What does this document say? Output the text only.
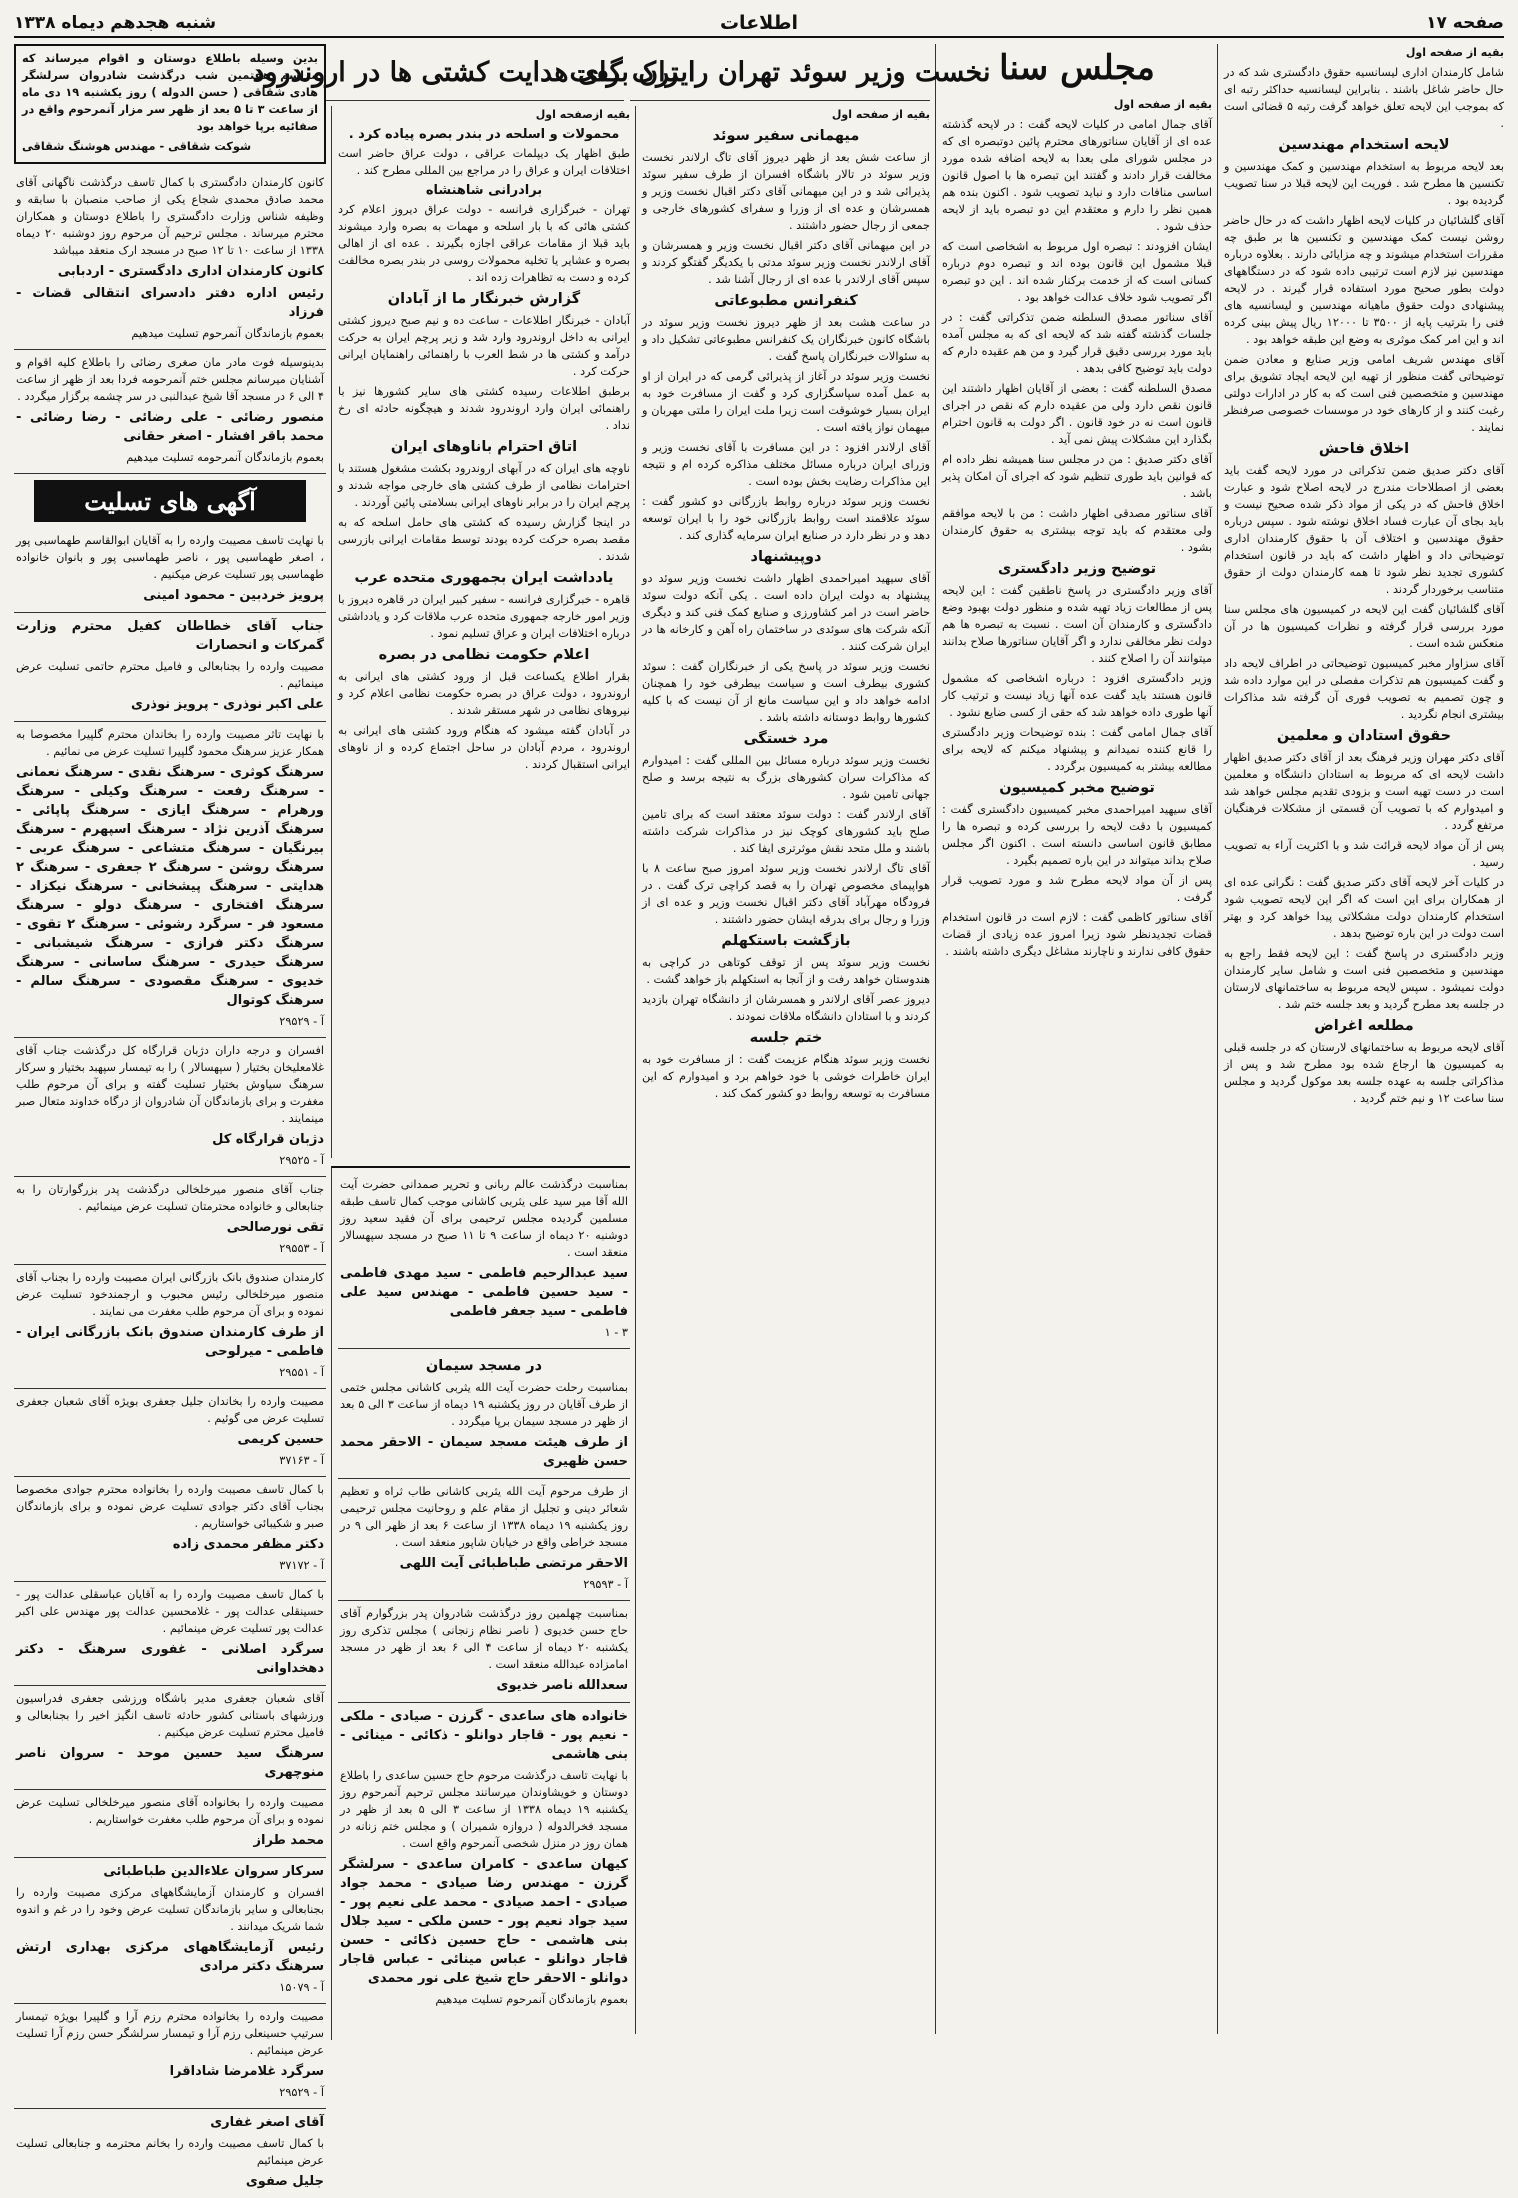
صفحه ۱۷
اطلاعات
شنبه هجدهم دیماه ۱۳۳۸

بقیه از صفحه اول

شامل کارمندان اداری لیسانسیه حقوق دادگستری شد که در حال حاضر شاغل باشند . بنابراین لیسانسیه حداکثر رتبه ای که بموجب این لایحه تعلق خواهد گرفت رتبه ۵ قضائی است .

لایحه استخدام مهندسین

بعد لایحه مربوط به استخدام مهندسین و کمک مهندسین و تکنسین ها مطرح شد . فوریت این لایحه قبلا در سنا تصویب گردیده بود .

آقای گلشائیان در کلیات لایحه اظهار داشت که در حال حاضر روشن نیست کمک مهندسین و تکنسین ها بر طبق چه مقررات استخدام میشوند و چه مزایائی دارند . بعلاوه درباره مهندسین نیز لازم است ترتیبی داده شود که در دستگاههای دولت بطور صحیح مورد استفاده قرار گیرند . در لایحه پیشنهادی دولت حقوق ماهیانه مهندسین و لیسانسیه های فنی را بترتیب پایه از ۳۵۰۰ تا ۱۲۰۰۰ ریال پیش بینی کرده اند و این امر کمک موثری به وضع این طبقه خواهد بود .

آقای مهندس شریف امامی وزیر صنایع و معادن ضمن توضیحاتی گفت منظور از تهیه این لایحه ایجاد تشویق برای مهندسین و متخصصین فنی است که به کار در ادارات دولتی رغبت کنند و از کارهای خود در موسسات خصوصی صرفنظر نمایند .

اخلاق فاحش

آقای دکتر صدیق ضمن تذکراتی در مورد لایحه گفت باید بعضی از اصطلاحات مندرج در لایحه اصلاح شود و عبارت اخلاق فاحش که در یکی از مواد ذکر شده صحیح نیست و باید بجای آن عبارت فساد اخلاق نوشته شود . سپس درباره حقوق مهندسین و اختلاف آن با حقوق کارمندان اداری توضیحاتی داد و اظهار داشت که باید در قانون استخدام کشوری تجدید نظر شود تا همه کارمندان دولت از حقوق متناسب برخوردار گردند .

آقای گلشائیان گفت این لایحه در کمیسیون های مجلس سنا مورد بررسی قرار گرفته و نظرات کمیسیون ها در آن منعکس شده است .

آقای سزاوار مخبر کمیسیون توضیحاتی در اطراف لایحه داد و گفت کمیسیون هم تذکرات مفصلی در این موارد داده شد و چون تصمیم به تصویب فوری آن گرفته شد مذاکرات بیشتری انجام نگردید .

حقوق استادان و معلمین

آقای دکتر مهران وزیر فرهنگ بعد از آقای دکتر صدیق اظهار داشت لایحه ای که مربوط به استادان دانشگاه و معلمین است در دست تهیه است و بزودی تقدیم مجلس خواهد شد و امیدوارم که با تصویب آن قسمتی از مشکلات فرهنگیان مرتفع گردد .

پس از آن مواد لایحه قرائت شد و با اکثریت آراء به تصویب رسید .

در کلیات آخر لایحه آقای دکتر صدیق گفت : نگرانی عده ای از همکاران برای این است که اگر این لایحه تصویب شود استخدام کارمندان دولت مشکلاتی پیدا خواهد کرد و بهتر است دولت در این باره توضیح بدهد .

وزیر دادگستری در پاسخ گفت : این لایحه فقط راجع به مهندسین و متخصصین فنی است و شامل سایر کارمندان دولت نمیشود . سپس لایحه مربوط به ساختمانهای لارستان در جلسه بعد مطرح گردید و بعد جلسه ختم شد .

مطلعه اغراض

آقای لایحه مربوط به ساختمانهای لارستان که در جلسه قبلی به کمیسیون ها ارجاع شده بود مطرح شد و پس از مذاکراتی جلسه به عهده جلسه بعد موکول گردید و مجلس سنا ساعت ۱۲ و نیم ختم گردید .

مجلس سنا

بقیه از صفحه اول

آقای جمال امامی در کلیات لایحه گفت : در لایحه گذشته عده ای از آقایان سناتورهای محترم پائین دوتبصره ای که در مجلس شورای ملی بعدا به لایحه اضافه شده مورد مخالفت قرار دادند و گفتند این تبصره ها با اصول قانون اساسی منافات دارد و نباید تصویب شود . اکنون بنده هم همین نظر را دارم و معتقدم این دو تبصره باید از لایحه حذف شود .

ایشان افزودند : تبصره اول مربوط به اشخاصی است که قبلا مشمول این قانون بوده اند و تبصره دوم درباره کسانی است که از خدمت برکنار شده اند . این دو تبصره اگر تصویب شود خلاف عدالت خواهد بود .

آقای سناتور مصدق السلطنه ضمن تذکراتی گفت : در جلسات گذشته گفته شد که لایحه ای که به مجلس آمده باید مورد بررسی دقیق قرار گیرد و من هم عقیده دارم که دولت باید توضیح کافی بدهد .

مصدق السلطنه گفت : بعضی از آقایان اظهار داشتند این قانون نقص دارد ولی من عقیده دارم که نقص در اجرای قانون است نه در خود قانون . اگر دولت به قانون احترام بگذارد این مشکلات پیش نمی آید .

آقای دکتر صدیق : من در مجلس سنا همیشه نظر داده ام که قوانین باید طوری تنظیم شود که اجرای آن امکان پذیر باشد .

آقای سناتور مصدقی اظهار داشت : من با لایحه موافقم ولی معتقدم که باید توجه بیشتری به حقوق کارمندان بشود .

توضیح وزیر دادگستری

آقای وزیر دادگستری در پاسخ ناطقین گفت : این لایحه پس از مطالعات زیاد تهیه شده و منظور دولت بهبود وضع دادگستری و کارمندان آن است . نسبت به تبصره ها هم دولت نظر مخالفی ندارد و اگر آقایان سناتورها صلاح بدانند میتوانند آن را اصلاح کنند .

وزیر دادگستری افزود : درباره اشخاصی که مشمول قانون هستند باید گفت عده آنها زیاد نیست و ترتیب کار آنها طوری داده خواهد شد که حقی از کسی ضایع نشود .

آقای جمال امامی گفت : بنده توضیحات وزیر دادگستری را قانع کننده نمیدانم و پیشنهاد میکنم که لایحه برای مطالعه بیشتر به کمیسیون برگردد .

توضیح مخبر کمیسیون

آقای سیهید امیراحمدی مخبر کمیسیون دادگستری گفت : کمیسیون با دقت لایحه را بررسی کرده و تبصره ها را مطابق قانون اساسی دانسته است . اکنون اگر مجلس صلاح بداند میتواند در این باره تصمیم بگیرد .

پس از آن مواد لایحه مطرح شد و مورد تصویب قرار گرفت .

آقای سناتور کاظمی گفت : لازم است در قانون استخدام قضات تجدیدنظر شود زیرا امروز عده زیادی از قضات حقوق کافی ندارند و ناچارند مشاغل دیگری داشته باشند .

نخست وزیر سوئد تهران را ترک گفت

بقیه از صفحه اول

میهمانی سفیر سوئد

از ساعت شش بعد از ظهر دیروز آقای تاگ ارلاندر نخست وزیر سوئد در تالار باشگاه افسران از طرف سفیر سوئد پذیرائی شد و در این میهمانی آقای دکتر اقبال نخست وزیر و همسرشان و عده ای از وزرا و سفرای کشورهای خارجی و جمعی از رجال حضور داشتند .

در این میهمانی آقای دکتر اقبال نخست وزیر و همسرشان و آقای ارلاندر نخست وزیر سوئد مدتی با یکدیگر گفتگو کردند و سپس آقای ارلاندر با عده ای از رجال آشنا شد .

کنفرانس مطبوعاتی

در ساعت هشت بعد از ظهر دیروز نخست وزیر سوئد در باشگاه کانون خبرنگاران یک کنفرانس مطبوعاتی تشکیل داد و به سئوالات خبرنگاران پاسخ گفت .

نخست وزیر سوئد در آغاز از پذیرائی گرمی که در ایران از او به عمل آمده سپاسگزاری کرد و گفت از مسافرت خود به ایران بسیار خوشوقت است زیرا ملت ایران را ملتی مهربان و میهمان نواز یافته است .

آقای ارلاندر افزود : در این مسافرت با آقای نخست وزیر و وزرای ایران درباره مسائل مختلف مذاکره کرده ام و نتیجه این مذاکرات رضایت بخش بوده است .

نخست وزیر سوئد درباره روابط بازرگانی دو کشور گفت : سوئد علاقمند است روابط بازرگانی خود را با ایران توسعه دهد و در نظر دارد در صنایع ایران سرمایه گذاری کند .

دوپیشنهاد

آقای سیهید امیراحمدی اظهار داشت نخست وزیر سوئد دو پیشنهاد به دولت ایران داده است . یکی آنکه دولت سوئد حاضر است در امر کشاورزی و صنایع کمک فنی کند و دیگری آنکه شرکت های سوئدی در ساختمان راه آهن و کارخانه ها در ایران شرکت کنند .

نخست وزیر سوئد در پاسخ یکی از خبرنگاران گفت : سوئد کشوری بیطرف است و سیاست بیطرفی خود را همچنان ادامه خواهد داد و این سیاست مانع از آن نیست که با کلیه کشورها روابط دوستانه داشته باشد .

مرد خستگی

نخست وزیر سوئد درباره مسائل بین المللی گفت : امیدوارم که مذاکرات سران کشورهای بزرگ به نتیجه برسد و صلح جهانی تامین شود .

آقای ارلاندر گفت : دولت سوئد معتقد است که برای تامین صلح باید کشورهای کوچک نیز در مذاکرات شرکت داشته باشند و ملل متحد نقش موثرتری ایفا کند .

آقای تاگ ارلاندر نخست وزیر سوئد امروز صبح ساعت ۸ با هواپیمای مخصوص تهران را به قصد کراچی ترک گفت . در فرودگاه مهرآباد آقای دکتر اقبال نخست وزیر و عده ای از وزرا و رجال برای بدرقه ایشان حضور داشتند .

بازگشت باستکهلم

نخست وزیر سوئد پس از توقف کوتاهی در کراچی به هندوستان خواهد رفت و از آنجا به استکهلم باز خواهد گشت .

دیروز عصر آقای ارلاندر و همسرشان از دانشگاه تهران بازدید کردند و با استادان دانشگاه ملاقات نمودند .

ختم جلسه

نخست وزیر سوئد هنگام عزیمت گفت : از مسافرت خود به ایران خاطرات خوشی با خود خواهم برد و امیدوارم که این مسافرت به توسعه روابط دو کشور کمک کند .

ایران برای هدایت کشتی ها در اروندرود

بقیه ازصفحه اول

محمولات و اسلحه در بندر بصره پیاده کرد .

طبق اظهار یک دیپلمات عراقی ، دولت عراق حاضر است اختلافات ایران و عراق را در مراجع بین المللی مطرح کند .

برادرانی شاهنشاه

تهران - خبرگزاری فرانسه - دولت عراق دیروز اعلام کرد کشتی هائی که با بار اسلحه و مهمات به بصره وارد میشوند باید قبلا از مقامات عراقی اجازه بگیرند . عده ای از اهالی بصره و عشایر یا تخلیه محمولات روسی در بندر بصره مخالفت کرده و دست به تظاهرات زده اند .

گزارش خبرنگار ما از آبادان

آبادان - خبرنگار اطلاعات - ساعت ده و نیم صبح دیروز کشتی ایرانی به داخل اروندرود وارد شد و زیر پرچم ایران به حرکت درآمد و کشتی ها در شط العرب با راهنمائی راهنمایان ایرانی حرکت کرد .

برطبق اطلاعات رسیده کشتی های سایر کشورها نیز با راهنمائی ایران وارد اروندرود شدند و هیچگونه حادثه ای رخ نداد .

اتاق احترام باناوهای ایران

ناوچه های ایران که در آبهای اروندرود بکشت مشغول هستند با احترامات نظامی از طرف کشتی های خارجی مواجه شدند و پرچم ایران را در برابر ناوهای ایرانی بسلامتی پائین آوردند .

در اینجا گزارش رسیده که کشتی های حامل اسلحه که به مقصد بصره حرکت کرده بودند توسط مقامات ایرانی بازرسی شدند .

یادداشت ایران بجمهوری متحده عرب

قاهره - خبرگزاری فرانسه - سفیر کبیر ایران در قاهره دیروز با وزیر امور خارجه جمهوری متحده عرب ملاقات کرد و یادداشتی درباره اختلافات ایران و عراق تسلیم نمود .

اعلام حکومت نظامی در بصره

بقرار اطلاع یکساعت قبل از ورود کشتی های ایرانی به اروندرود ، دولت عراق در بصره حکومت نظامی اعلام کرد و نیروهای نظامی در شهر مستقر شدند .

در آبادان گفته میشود که هنگام ورود کشتی های ایرانی به اروندرود ، مردم آبادان در ساحل اجتماع کرده و از ناوهای ایرانی استقبال کردند .

بمناسبت درگذشت عالم ربانی و تحریر صمدانی حضرت آیت الله آقا میر سید علی یثربی کاشانی موجب کمال تاسف طبقه مسلمین گردیده مجلس ترحیمی برای آن فقید سعید روز دوشنبه ۲۰ دیماه از ساعت ۹ تا ۱۱ صبح در مسجد سپهسالار منعقد است .

سید عبدالرحیم فاطمی - سید مهدی فاطمی - سید حسین فاطمی - مهندس سید علی فاطمی - سید جعفر فاطمی

۳ - ۱

در مسجد سیمان

بمناسبت رحلت حضرت آیت الله یثربی کاشانی مجلس ختمی از طرف آقایان در روز یکشنبه ۱۹ دیماه از ساعت ۳ الی ۵ بعد از ظهر در مسجد سیمان برپا میگردد .

از طرف هیئت مسجد سیمان - الاحقر محمد حسن ظهیری

از طرف مرحوم آیت الله یثربی کاشانی طاب ثراه و تعظیم شعائر دینی و تجلیل از مقام علم و روحانیت مجلس ترحیمی روز یکشنبه ۱۹ دیماه ۱۳۳۸ از ساعت ۶ بعد از ظهر الی ۹ در مسجد خراطی واقع در خیابان شاپور منعقد است .

الاحقر مرتضی طباطبائی آیت اللهی

آ - ۲۹۵۹۳

بمناسبت چهلمین روز درگذشت شادروان پدر بزرگوارم آقای حاج حسن خدیوی ( ناصر نظام زنجانی ) مجلس تذکری روز یکشنبه ۲۰ دیماه از ساعت ۴ الی ۶ بعد از ظهر در مسجد امامزاده عبدالله منعقد است .

سعدالله ناصر خدیوی

خانواده های ساعدی - گرزن - صیادی - ملکی - نعیم پور - قاجار دوانلو - ذکائی - مینائی - بنی هاشمی

با نهایت تاسف درگذشت مرحوم حاج حسین ساعدی را باطلاع دوستان و خویشاوندان میرسانند مجلس ترحیم آنمرحوم روز یکشنبه ۱۹ دیماه ۱۳۳۸ از ساعت ۳ الی ۵ بعد از ظهر در مسجد فخرالدوله ( دروازه شمیران ) و مجلس ختم زنانه در همان روز در منزل شخصی آنمرحوم واقع است .

کیهان ساعدی - کامران ساعدی - سرلشگر گرزن - مهندس رضا صیادی - محمد جواد صیادی - احمد صیادی - محمد علی نعیم پور - سید جواد نعیم پور - حسن ملکی - سید جلال بنی هاشمی - حاج حسین ذکائی - حسن قاجار دوانلو - عباس مینائی - عباس قاجار دوانلو - الاحقر حاج شیخ علی نور محمدی

بعموم بازماندگان آنمرحوم تسلیت میدهیم

بدین وسیله باطلاع دوستان و اقوام میرساند که مراسم هفتمین شب درگذشت شادروان سرلشگر هادی شقاقی ( حسن الدوله ) روز یکشنبه ۱۹ دی ماه از ساعت ۳ تا ۵ بعد از ظهر سر مزار آنمرحوم واقع در صفائیه برپا خواهد بود

شوکت شقاقی - مهندس هوشنگ شقاقی

کانون کارمندان دادگستری با کمال تاسف درگذشت ناگهانی آقای محمد صادق محمدی شجاع یکی از صاحب منصبان با سابقه و وظیفه شناس وزارت دادگستری را باطلاع دوستان و همکاران محترم میرساند . مجلس ترحیم آن مرحوم روز دوشنبه ۲۰ دیماه ۱۳۳۸ از ساعت ۱۰ تا ۱۲ صبح در مسجد ارک منعقد میباشد

کانون کارمندان اداری دادگستری - اردبابی

رئیس اداره دفتر دادسرای انتقالی قضات - فرزاد

بعموم بازماندگان آنمرحوم تسلیت میدهیم

بدینوسیله فوت مادر مان صغری رضائی را باطلاع کلیه اقوام و آشنایان میرسانم مجلس ختم آنمرحومه فردا بعد از ظهر از ساعت ۴ الی ۶ در مسجد آقا شیخ عبدالنبی در سر چشمه برگزار میگردد .

منصور رضائی - علی رضائی - رضا رضائی - محمد باقر افشار - اصغر حقانی

بعموم بازماندگان آنمرحومه تسلیت میدهیم

آگهی های تسلیت

با نهایت تاسف مصیبت وارده را به آقایان ابوالقاسم طهماسبی پور ، اصغر طهماسبی پور ، ناصر طهماسبی پور و بانوان خانواده طهماسبی پور تسلیت عرض میکنیم .

پرویز خردبین - محمود امینی

جناب آقای خطاطان کفیل محترم وزارت گمرکات و انحصارات

مصیبت وارده را بجنابعالی و فامیل محترم حاتمی تسلیت عرض مینمائیم .

علی اکبر نوذری - پرویز نوذری

با نهایت تاثر مصیبت وارده را بخاندان محترم گلپیرا مخصوصا به همکار عزیز سرهنگ محمود گلپیرا تسلیت عرض می نمائیم .

سرهنگ کوثری - سرهنگ نقدی - سرهنگ نعمانی - سرهنگ رفعت - سرهنگ وکیلی - سرهنگ ورهرام - سرهنگ ایازی - سرهنگ پاپائی - سرهنگ آذرین نژاد - سرهنگ اسپهرم - سرهنگ بیرنگیان - سرهنگ متشاعی - سرهنگ عربی - سرهنگ روشن - سرهنگ ۲ جعفری - سرهنگ ۲ هدایتی - سرهنگ پیشخانی - سرهنگ نیکزاد - سرهنگ افتخاری - سرهنگ دولو - سرهنگ مسعود فر - سرگرد رشوئی - سرهنگ ۲ تقوی - سرهنگ دکتر فرازی - سرهنگ شیشبانی - سرهنگ حیدری - سرهنگ ساسانی - سرهنگ خدیوی - سرهنگ مقصودی - سرهنگ سالم - سرهنگ کوتوال

آ - ۲۹۵۲۹

افسران و درجه داران دژبان قرارگاه کل درگذشت جناب آقای غلامعلیخان بختیار ( سپهسالار ) را به تیمسار سپهبد بختیار و سرکار سرهنگ سیاوش بختیار تسلیت گفته و برای آن مرحوم طلب مغفرت و برای بازماندگان آن شادروان از درگاه خداوند متعال صبر مینمایند .

دژبان قرارگاه کل

آ - ۲۹۵۲۵

جناب آقای منصور میرخلخالی درگذشت پدر بزرگوارتان را به جنابعالی و خانواده محترمتان تسلیت عرض مینمائیم .

تقی نورصالحی

آ - ۲۹۵۵۳

کارمندان صندوق بانک بازرگانی ایران مصیبت وارده را بجناب آقای منصور میرخلخالی رئیس محبوب و ارجمندخود تسلیت عرض نموده و برای آن مرحوم طلب مغفرت می نمایند .

از طرف کارمندان صندوق بانک بازرگانی ایران - فاطمی - میرلوحی

آ - ۲۹۵۵۱

مصیبت وارده را بخاندان جلیل جعفری بویژه آقای شعبان جعفری تسلیت عرض می گوئیم .

حسین کریمی

آ - ۳۷۱۶۳

با کمال تاسف مصیبت وارده را بخانواده محترم جوادی مخصوصا بجناب آقای دکتر جوادی تسلیت عرض نموده و برای بازماندگان صبر و شکیبائی خواستاریم .

دکتر مظفر محمدی زاده

آ - ۳۷۱۷۲

با کمال تاسف مصیبت وارده را به آقایان عباسقلی عدالت پور - حسینقلی عدالت پور - غلامحسین عدالت پور مهندس علی اکبر عدالت پور تسلیت عرض مینمائیم .

سرگرد اصلانی - غفوری سرهنگ - دکتر دهخداوانی

آقای شعبان جعفری مدیر باشگاه ورزشی جعفری فدراسیون ورزشهای باستانی کشور حادثه تاسف انگیز اخیر را بجنابعالی و فامیل محترم تسلیت عرض میکنیم .

سرهنگ سید حسین موحد - سروان ناصر منوچهری

مصیبت وارده را بخانواده آقای منصور میرخلخالی تسلیت عرض نموده و برای آن مرحوم طلب مغفرت خواستاریم .

محمد طراز

سرکار سروان علاءالدین طباطبائی

افسران و کارمندان آزمایشگاههای مرکزی مصیبت وارده را بجنابعالی و سایر بازماندگان تسلیت عرض وخود را در غم و اندوه شما شریک میدانند .

رئیس آزمایشگاههای مرکزی بهداری ارتش سرهنگ دکتر مرادی

آ - ۱۵۰۷۹

مصیبت وارده را بخانواده محترم رزم آرا و گلپیرا بویژه تیمسار سرتیپ حسینعلی رزم آرا و تیمسار سرلشگر حسن رزم آرا تسلیت عرض مینمائیم .

سرگرد غلامرضا شاداقرا

آ - ۲۹۵۲۹

آقای اصغر غفاری

با کمال تاسف مصیبت وارده را بخانم محترمه و جنابعالی تسلیت عرض مینمائیم

جلیل صفوی
